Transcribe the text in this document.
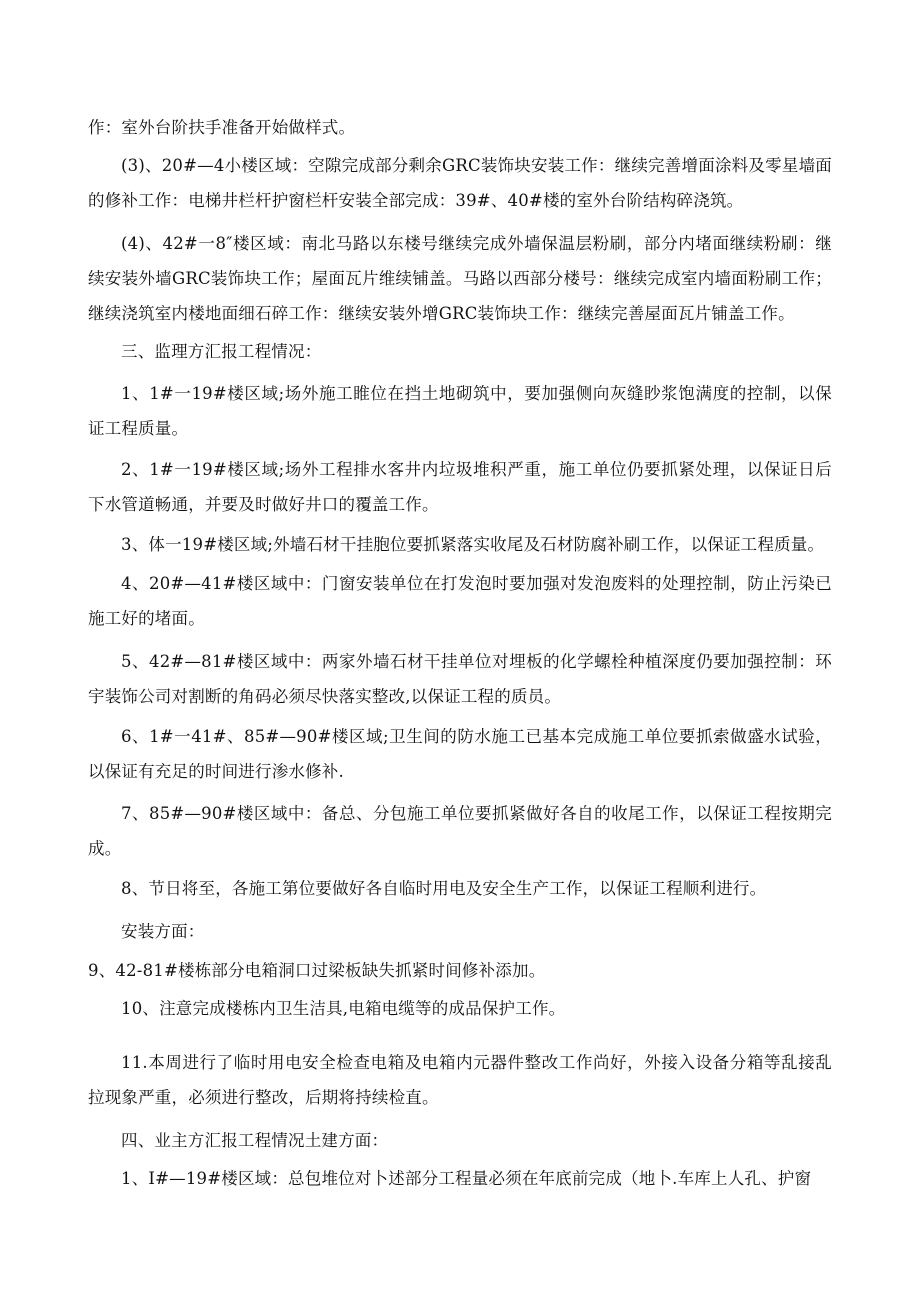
作：室外台阶扶手准备开始做样式。

(3)、20#—4小楼区域：空隙完成部分剩余GRC装饰块安装工作：继续完善增面涂料及零星墙面的修补工作：电梯井栏杆护窗栏杆安装全部完成：39#、40#楼的室外台阶结构碎浇筑。

(4)、42#一8″楼区域：南北马路以东楼号继续完成外墙保温层粉刷，部分内堵面继续粉刷：继续安装外墙GRC装饰块工作；屋面瓦片维续铺盖。马路以西部分楼号：继续完成室内墙面粉刷工作；继续浇筑室内楼地面细石碎工作：继续安装外增GRC装饰块工作：继续完善屋面瓦片铺盖工作。

三、监理方汇报工程情况：

1、1#一19#楼区域;场外施工睢位在挡土地砌筑中，要加强侧向灰缝眇浆饱满度的控制，以保证工程质量。

2、1#一19#楼区域;场外工程排水客井内垃圾堆积严重，施工单位仍要抓紧处理，以保证日后下水管道畅通，并要及时做好井口的覆盖工作。

3、体一19#楼区域;外墙石材干挂胞位要抓紧落实收尾及石材防腐补刷工作，以保证工程质量。

4、20#—41#楼区域中：门窗安装单位在打发泡时要加强对发泡废料的处理控制，防止污染已施工好的堵面。

5、42#—81#楼区域中：两家外墙石材干挂单位对埋板的化学螺栓种植深度仍要加强控制：环宇装饰公司对割断的角码必须尽快落实整改,以保证工程的质员。

6、1#一41#、85#—90#楼区域;卫生间的防水施工已基本完成施工单位要抓索做盛水试验，以保证有充足的时间进行渗水修补.

7、85#—90#楼区域中：备总、分包施工单位要抓紧做好各自的收尾工作，以保证工程按期完成。

8、节日将至，各施工第位要做好各自临时用电及安全生产工作，以保证工程顺利进行。

安装方面：

9、42-81#楼栋部分电箱洞口过梁板缺失抓紧时间修补添加。

10、注意完成楼栋内卫生洁具,电箱电缆等的成品保护工作。

11.本周进行了临时用电安全检查电箱及电箱内元器件整改工作尚好，外接入设备分箱等乱接乱拉现象严重，必须进行整改，后期将持续检直。

四、业主方汇报工程情况土建方面：

1、I#—19#楼区域：总包堆位对卜述部分工程量必须在年底前完成（地卜.车库上人孔、护窗
